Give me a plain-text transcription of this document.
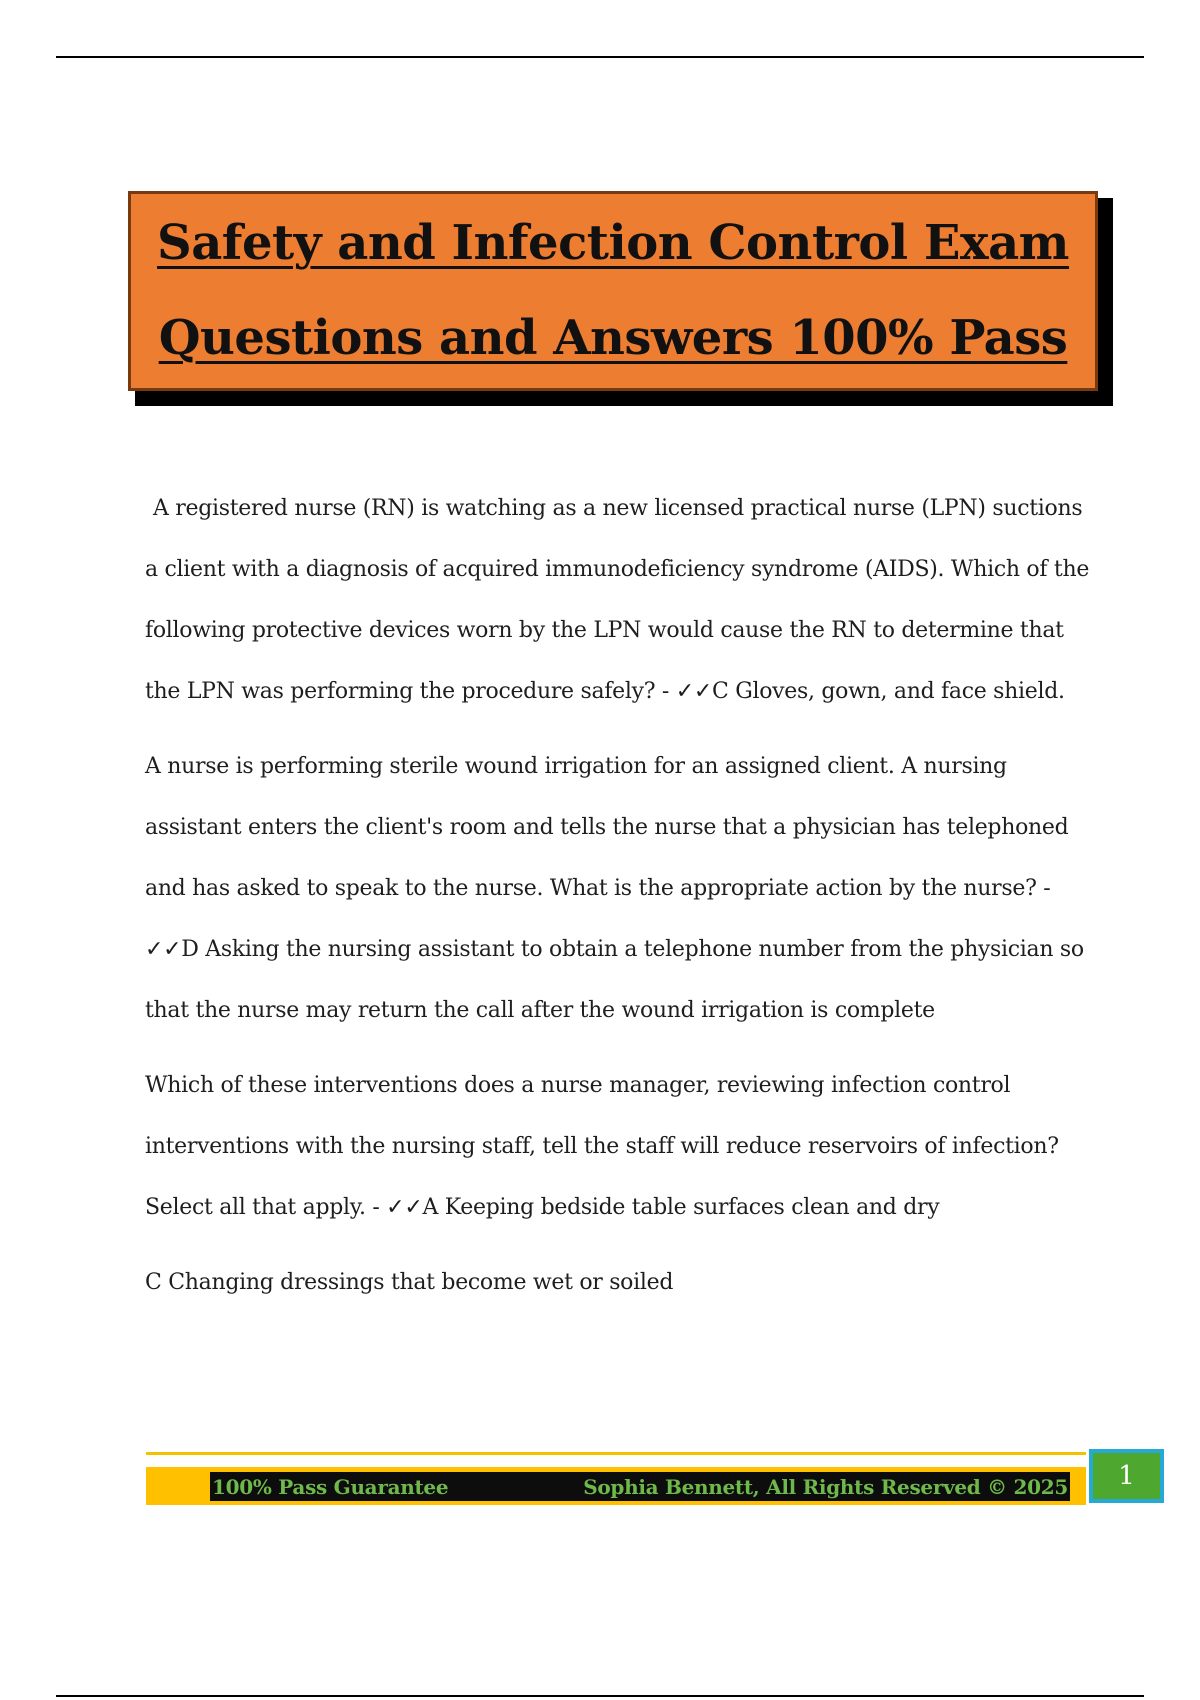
Safety and Infection Control Exam
Questions and Answers 100% Pass

A registered nurse (RN) is watching as a new licensed practical nurse (LPN) suctions a client with a diagnosis of acquired immunodeficiency syndrome (AIDS). Which of the following protective devices worn by the LPN would cause the RN to determine that the LPN was performing the procedure safely? - ✓✓C Gloves, gown, and face shield.

A nurse is performing sterile wound irrigation for an assigned client. A nursing assistant enters the client's room and tells the nurse that a physician has telephoned and has asked to speak to the nurse. What is the appropriate action by the nurse? - ✓✓D Asking the nursing assistant to obtain a telephone number from the physician so that the nurse may return the call after the wound irrigation is complete

Which of these interventions does a nurse manager, reviewing infection control interventions with the nursing staff, tell the staff will reduce reservoirs of infection? Select all that apply. - ✓✓A Keeping bedside table surfaces clean and dry

C Changing dressings that become wet or soiled

100% Pass Guarantee	Sophia Bennett, All Rights Reserved © 2025 1
